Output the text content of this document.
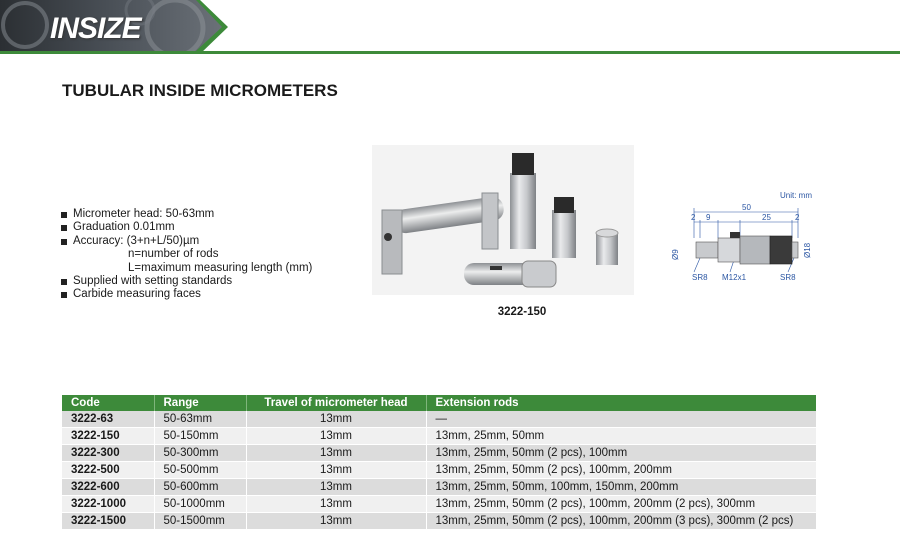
INSIZE
TUBULAR INSIDE MICROMETERS
Micrometer head: 50-63mm
Graduation 0.01mm
Accuracy: (3+n+L/50)µm
n=number of rods
L=maximum measuring length (mm)
Supplied with setting standards
Carbide measuring faces
3222-150
Unit: mm
50
2 9	25	2
Ø9	Ø18
SR8 M12x1	SR8
Code	Range	Travel of micrometer head	Extension rods
3222-63	50-63mm	13mm	—
3222-150	50-150mm	13mm	13mm, 25mm, 50mm
3222-300	50-300mm	13mm	13mm, 25mm, 50mm (2 pcs), 100mm
3222-500	50-500mm	13mm	13mm, 25mm, 50mm (2 pcs), 100mm, 200mm
3222-600	50-600mm	13mm	13mm, 25mm, 50mm, 100mm, 150mm, 200mm
3222-1000	50-1000mm	13mm	13mm, 25mm, 50mm (2 pcs), 100mm, 200mm (2 pcs), 300mm
3222-1500	50-1500mm	13mm	13mm, 25mm, 50mm (2 pcs), 100mm, 200mm (3 pcs), 300mm (2 pcs)
